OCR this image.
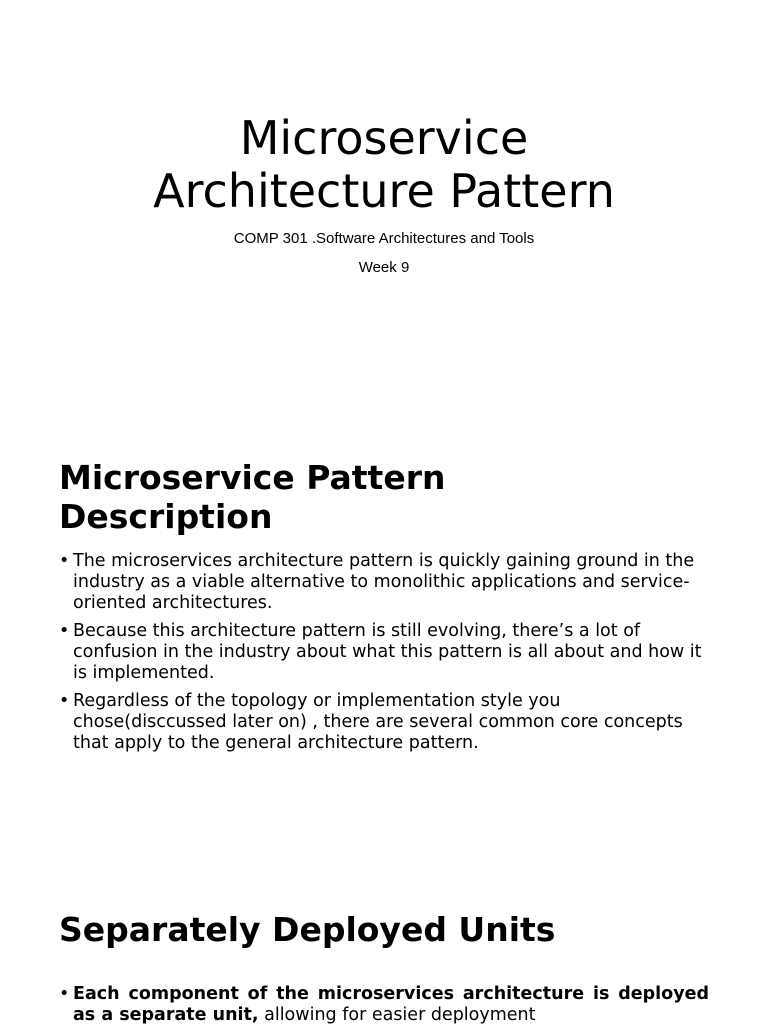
Microservice
Architecture Pattern

COMP 301 .Software Architectures and Tools

Week 9

Microservice Pattern
Description
• The microservices architecture pattern is quickly gaining ground in the industry as a viable alternative to monolithic applications and service-oriented architectures.
• Because this architecture pattern is still evolving, there’s a lot of confusion in the industry about what this pattern is all about and how it is implemented.
• Regardless of the topology or implementation style you chose(disccussed later on) , there are several common core concepts that apply to the general architecture pattern.
Separately Deployed Units
• Each component of the microservices architecture is deployed as a separate unit, allowing for easier deployment
